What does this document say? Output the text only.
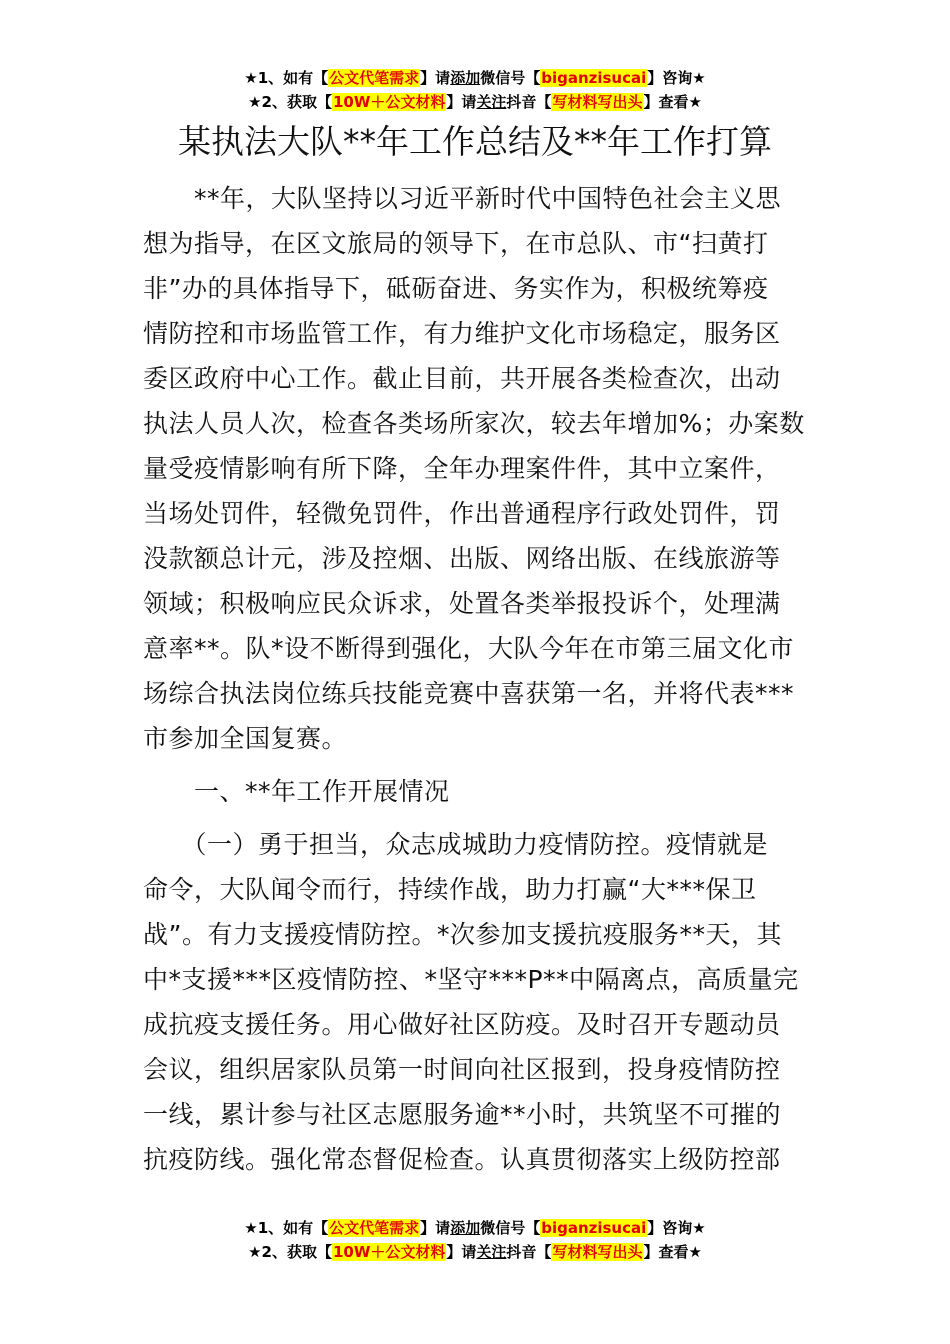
★1、如有【公文代笔需求】请添加微信号【biganzisucai】咨询★
★2、获取【10W＋公文材料】请关注抖音【写材料写出头】查看★
某执法大队**年工作总结及**年工作打算

　　**年，大队坚持以习近平新时代中国特色社会主义思

想为指导，在区文旅局的领导下，在市总队、市“扫黄打

非”办的具体指导下，砥砺奋进、务实作为，积极统筹疫

情防控和市场监管工作，有力维护文化市场稳定，服务区

委区政府中心工作。截止目前，共开展各类检查次，出动

执法人员人次，检查各类场所家次，较去年增加%；办案数

量受疫情影响有所下降，全年办理案件件，其中立案件，

当场处罚件，轻微免罚件，作出普通程序行政处罚件，罚

没款额总计元，涉及控烟、出版、网络出版、在线旅游等

领域；积极响应民众诉求，处置各类举报投诉个，处理满

意率**。队*设不断得到强化，大队今年在市第三届文化市

场综合执法岗位练兵技能竞赛中喜获第一名，并将代表***

市参加全国复赛。

　　一、**年工作开展情况

　　（一）勇于担当，众志成城助力疫情防控。疫情就是

命令，大队闻令而行，持续作战，助力打赢“大***保卫

战”。有力支援疫情防控。*次参加支援抗疫服务**天，其

中*支援***区疫情防控、*坚守***P**中隔离点，高质量完

成抗疫支援任务。用心做好社区防疫。及时召开专题动员

会议，组织居家队员第一时间向社区报到，投身疫情防控

一线，累计参与社区志愿服务逾**小时，共筑坚不可摧的

抗疫防线。强化常态督促检查。认真贯彻落实上级防控部

★1、如有【公文代笔需求】请添加微信号【biganzisucai】咨询★
★2、获取【10W＋公文材料】请关注抖音【写材料写出头】查看★
